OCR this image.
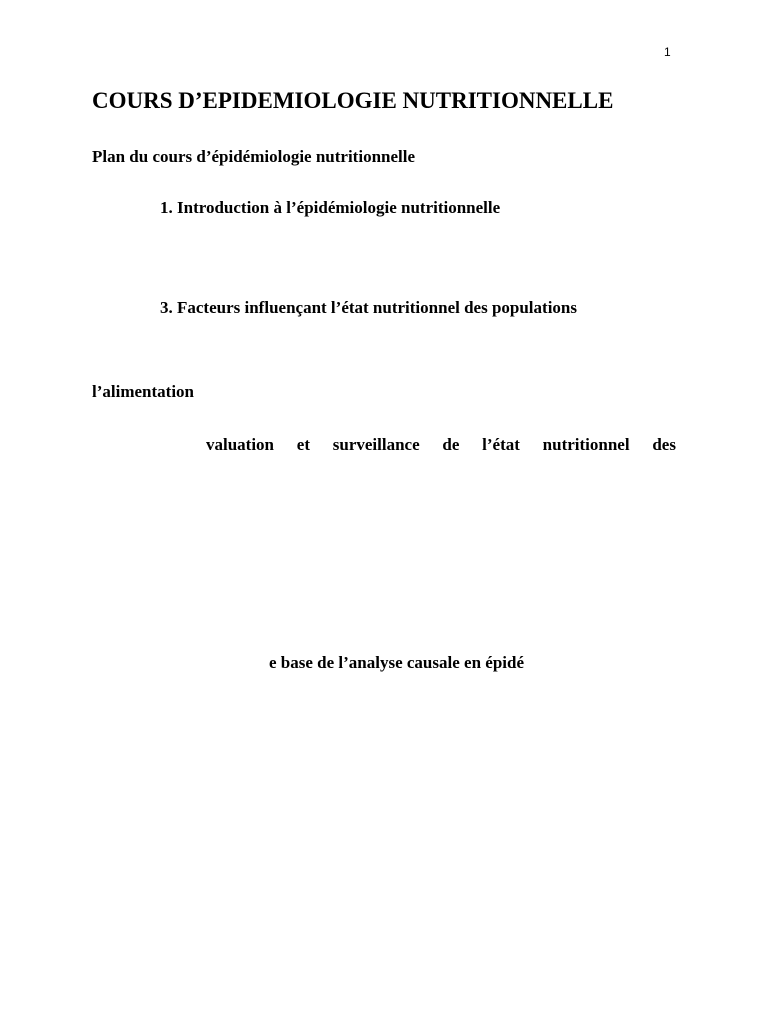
1
COURS D’EPIDEMIOLOGIE NUTRITIONNELLE
Plan du cours d’épidémiologie nutritionnelle
1. Introduction à l’épidémiologie nutritionnelle
3. Facteurs influençant l’état nutritionnel des populations
l’alimentation
valuation et surveillance de l’état nutritionnel des
e base de l’analyse causale en épidé
